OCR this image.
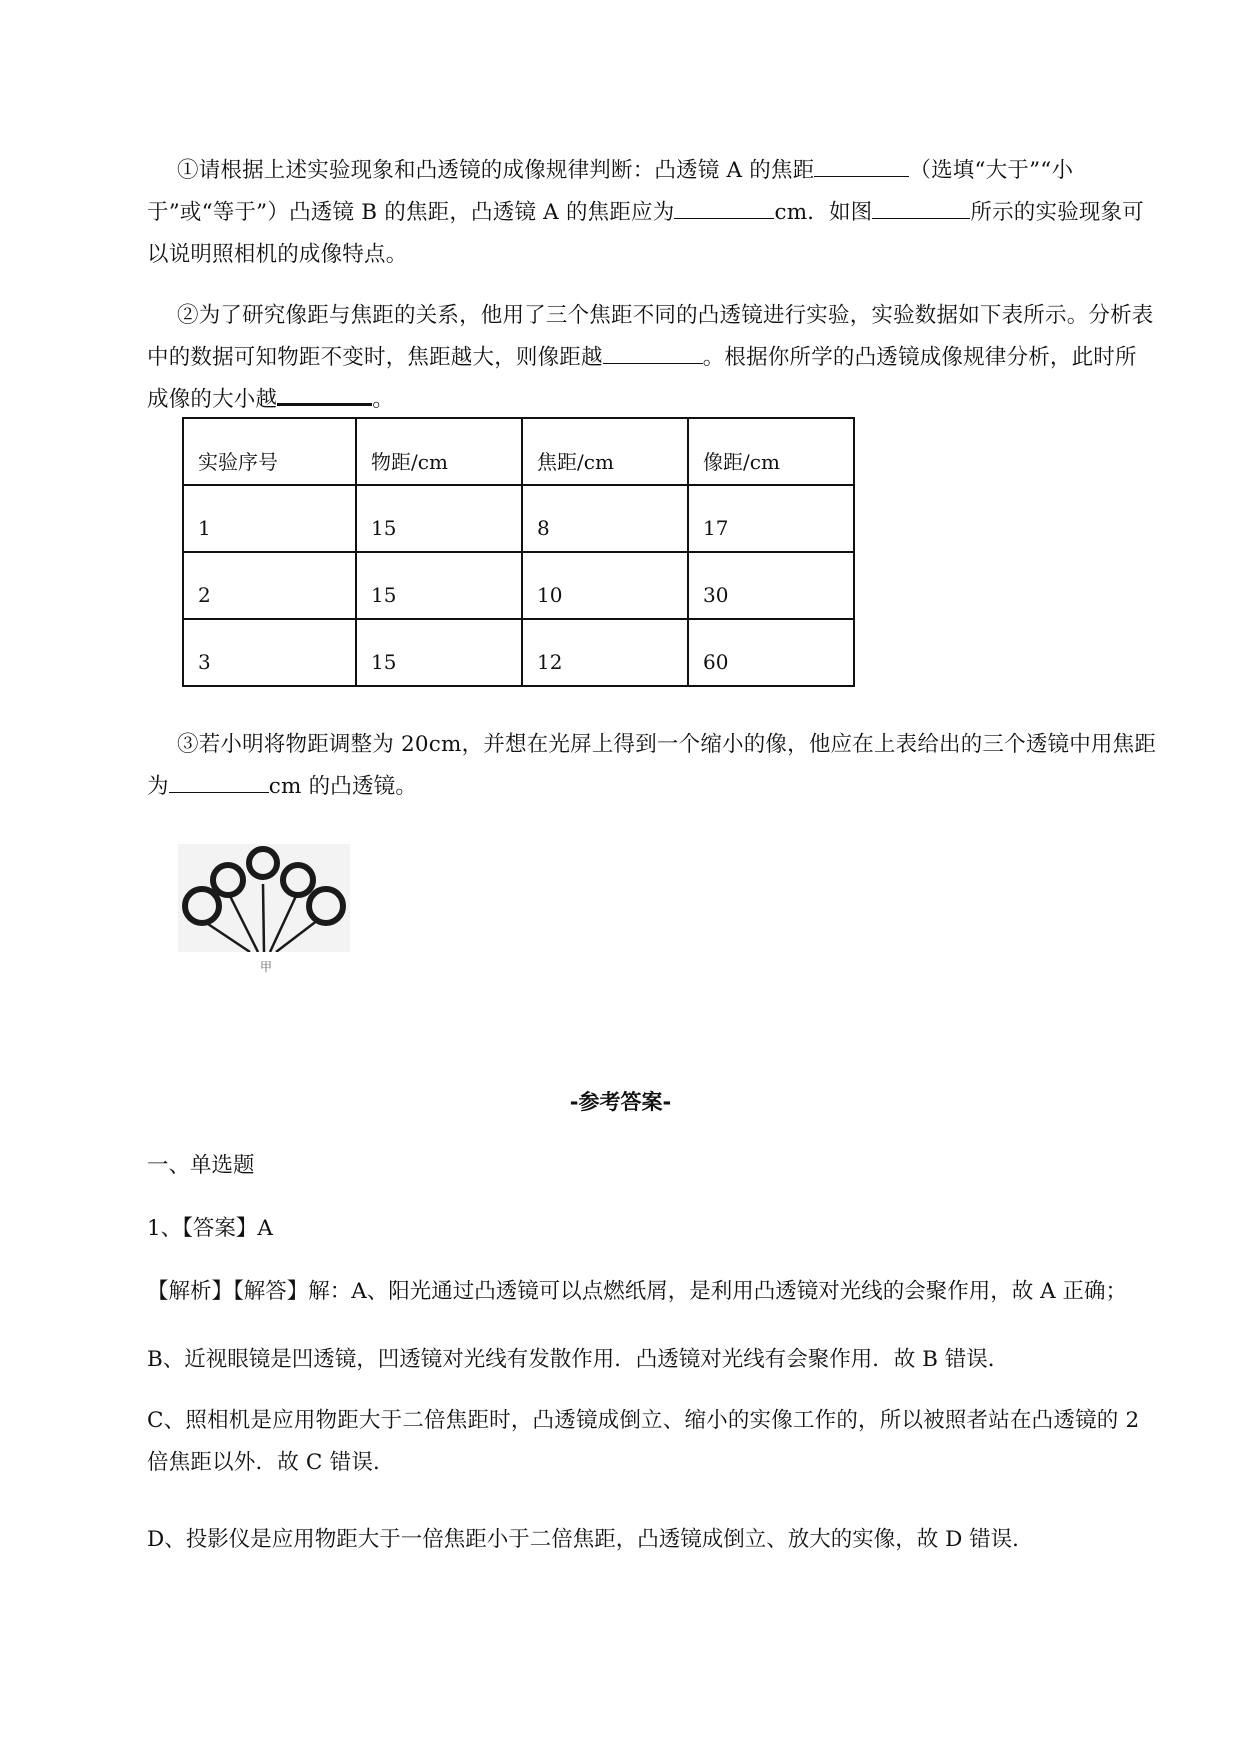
①请根据上述实验现象和凸透镜的成像规律判断：凸透镜 A 的焦距	（选填“大于”“小于”或“等于”）凸透镜 B 的焦距，凸透镜 A 的焦距应为	cm．如图	所示的实验现象可以说明照相机的成像特点。
②为了研究像距与焦距的关系，他用了三个焦距不同的凸透镜进行实验，实验数据如下表所示。分析表中的数据可知物距不变时，焦距越大，则像距越	。根据你所学的凸透镜成像规律分析，此时所成像的大小越	。
实验序号	物距/cm	焦距/cm	像距/cm
1	15	8	17
2	15	10	30
3	15	12	60
③若小明将物距调整为 20cm，并想在光屏上得到一个缩小的像，他应在上表给出的三个透镜中用焦距为	cm 的凸透镜。
甲
-参考答案-
一、单选题
1、【答案】A
【解析】【解答】解：A、阳光通过凸透镜可以点燃纸屑，是利用凸透镜对光线的会聚作用，故 A 正确；
B、近视眼镜是凹透镜，凹透镜对光线有发散作用．凸透镜对光线有会聚作用．故 B 错误．
C、照相机是应用物距大于二倍焦距时，凸透镜成倒立、缩小的实像工作的，所以被照者站在凸透镜的 2 倍焦距以外．故 C 错误．
D、投影仪是应用物距大于一倍焦距小于二倍焦距，凸透镜成倒立、放大的实像，故 D 错误．
